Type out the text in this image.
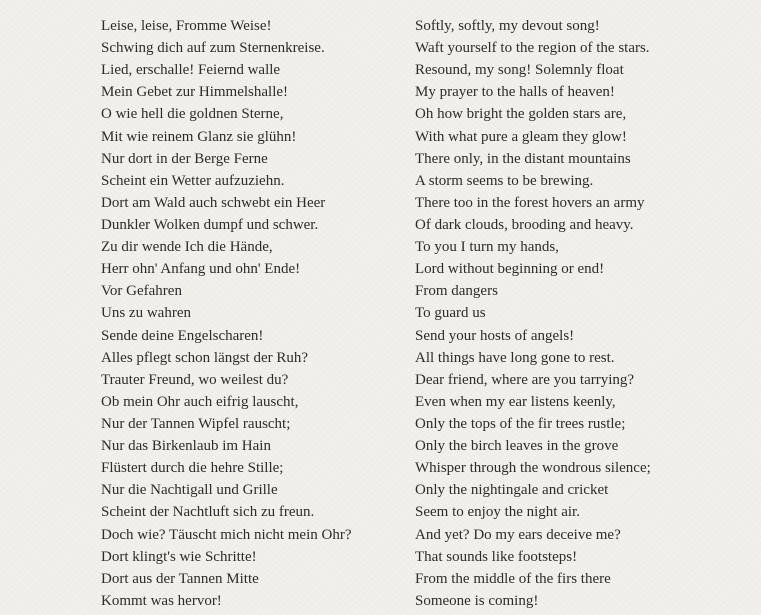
Leise, leise, Fromme Weise!
Schwing dich auf zum Sternenkreise.
Lied, erschalle! Feiernd walle
Mein Gebet zur Himmelshalle!
O wie hell die goldnen Sterne,
Mit wie reinem Glanz sie glühn!
Nur dort in der Berge Ferne
Scheint ein Wetter aufzuziehn.
Dort am Wald auch schwebt ein Heer
Dunkler Wolken dumpf und schwer.
Zu dir wende Ich die Hände,
Herr ohn' Anfang und ohn' Ende!
Vor Gefahren
Uns zu wahren
Sende deine Engelscharen!
Alles pflegt schon längst der Ruh?
Trauter Freund, wo weilest du?
Ob mein Ohr auch eifrig lauscht,
Nur der Tannen Wipfel rauscht;
Nur das Birkenlaub im Hain
Flüstert durch die hehre Stille;
Nur die Nachtigall und Grille
Scheint der Nachtluft sich zu freun.
Doch wie? Täuscht mich nicht mein Ohr?
Dort klingt's wie Schritte!
Dort aus der Tannen Mitte
Kommt was hervor!
Softly, softly, my devout song!
Waft yourself to the region of the stars.
Resound, my song! Solemnly float
My prayer to the halls of heaven!
Oh how bright the golden stars are,
With what pure a gleam they glow!
There only, in the distant mountains
A storm seems to be brewing.
There too in the forest hovers an army
Of dark clouds, brooding and heavy.
To you I turn my hands,
Lord without beginning or end!
From dangers
To guard us
Send your hosts of angels!
All things have long gone to rest.
Dear friend, where are you tarrying?
Even when my ear listens keenly,
Only the tops of the fir trees rustle;
Only the birch leaves in the grove
Whisper through the wondrous silence;
Only the nightingale and cricket
Seem to enjoy the night air.
And yet? Do my ears deceive me?
That sounds like footsteps!
From the middle of the firs there
Someone is coming!
